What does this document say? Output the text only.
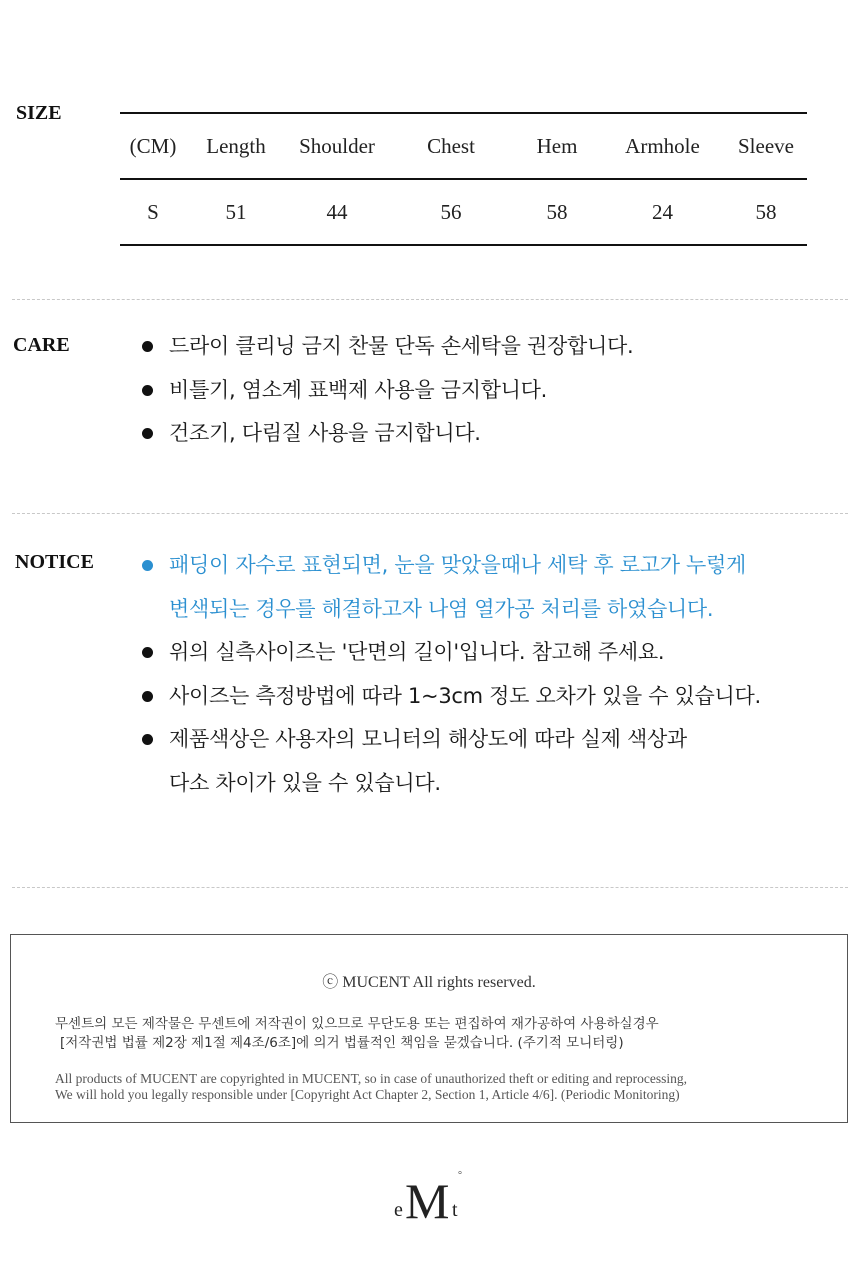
SIZE
(CM)	Length	Shoulder	Chest	Hem	Armhole	Sleeve
S	51	44	56	58	24	58
CARE	드라이 클리닝 금지 찬물 단독 손세탁을 권장합니다.
비틀기, 염소계 표백제 사용을 금지합니다.
건조기, 다림질 사용을 금지합니다.
NOTICE	패딩이 자수로 표현되면, 눈을 맞았을때나 세탁 후 로고가 누렇게
변색되는 경우를 해결하고자 나염 열가공 처리를 하였습니다.
위의 실측사이즈는 '단면의 길이'입니다. 참고해 주세요.
사이즈는 측정방법에 따라 1~3cm 정도 오차가 있을 수 있습니다.
제품색상은 사용자의 모니터의 해상도에 따라 실제 색상과
다소 차이가 있을 수 있습니다.
ⓒ MUCENT All rights reserved.
무센트의 모든 제작물은 무센트에 저작권이 있으므로 무단도용 또는 편집하여 재가공하여 사용하실경우
[저작권법 법률 제2장 제1절 제4조/6조]에 의거 법률적인 책임을 묻겠습니다. (주기적 모니터링)
All products of MUCENT are copyrighted in MUCENT, so in case of unauthorized theft or editing and reprocessing,
We will hold you legally responsible under [Copyright Act Chapter 2, Section 1, Article 4/6]. (Periodic Monitoring)
e M t
°
